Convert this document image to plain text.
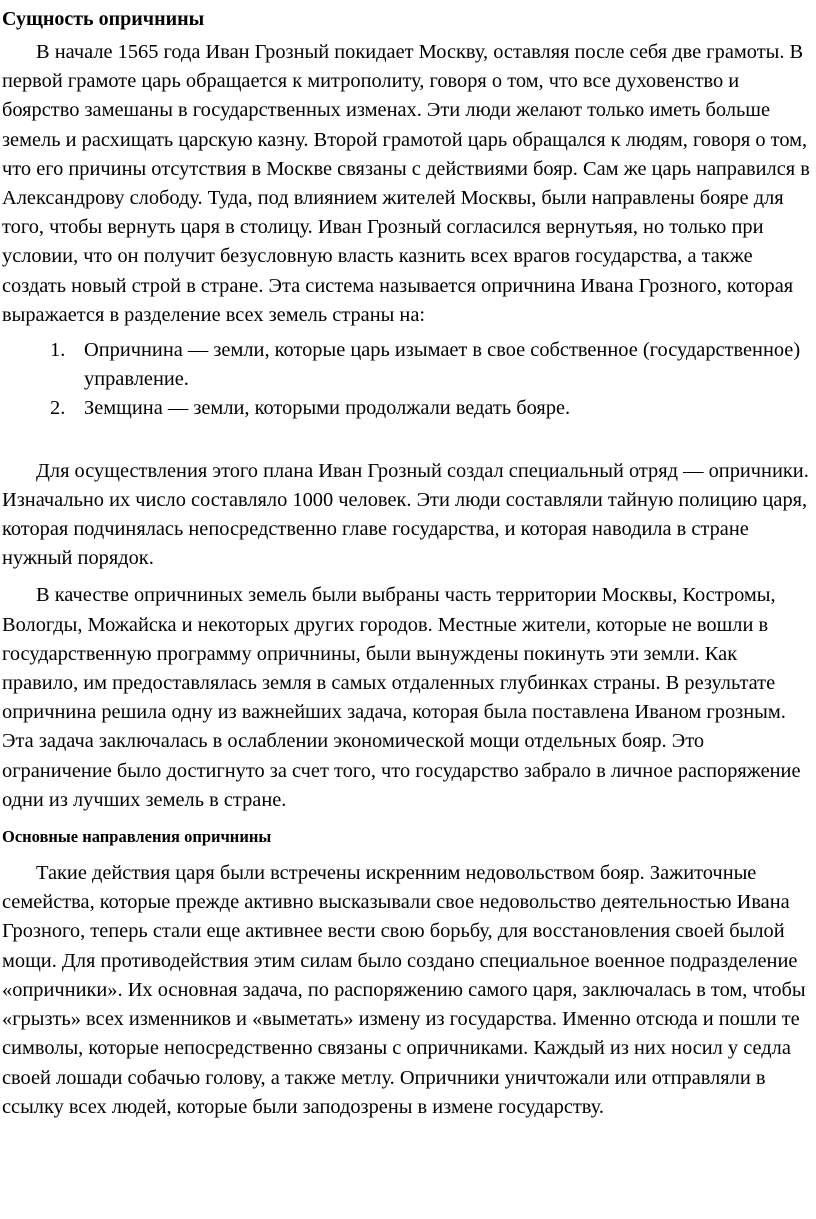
Сущность опричнины

В начале 1565 года Иван Грозный покидает Москву, оставляя после себя две грамоты. В первой грамоте царь обращается к митрополиту, говоря о том, что все духовенство и боярство замешаны в государственных изменах. Эти люди желают только иметь больше земель и расхищать царскую казну. Второй грамотой царь обращался к людям, говоря о том, что его причины отсутствия в Москве связаны с действиями бояр. Сам же царь направился в Александрову слободу. Туда, под влиянием жителей Москвы, были направлены бояре для того, чтобы вернуть царя в столицу. Иван Грозный согласился вернутьяя, но только при условии, что он получит безусловную власть казнить всех врагов государства, а также создать новый строй в стране. Эта система называется опричнина Ивана Грозного, которая выражается в разделение всех земель страны на:

1. Опричнина — земли, которые царь изымает в свое собственное (государственное) управление.
2. Земщина — земли, которыми продолжали ведать бояре.

Для осуществления этого плана Иван Грозный создал специальный отряд — опричники. Изначально их число составляло 1000 человек. Эти люди составляли тайную полицию царя, которая подчинялась непосредственно главе государства, и которая наводила в стране нужный порядок.

В качестве опричниных земель были выбраны часть территории Москвы, Костромы, Вологды, Можайска и некоторых других городов. Местные жители, которые не вошли в государственную программу опричнины, были вынуждены покинуть эти земли. Как правило, им предоставлялась земля в самых отдаленных глубинках страны. В результате опричнина решила одну из важнейших задача, которая была поставлена Иваном грозным. Эта задача заключалась в ослаблении экономической мощи отдельных бояр. Это ограничение было достигнуто за счет того, что государство забрало в личное распоряжение одни из лучших земель в стране.

Основные направления опричнины

Такие действия царя были встречены искренним недовольством бояр. Зажиточные семейства, которые прежде активно высказывали свое недовольство деятельностью Ивана Грозного, теперь стали еще активнее вести свою борьбу, для восстановления своей былой мощи. Для противодействия этим силам было создано специальное военное подразделение «опричники». Их основная задача, по распоряжению самого царя, заключалась в том, чтобы «грызть» всех изменников и «выметать» измену из государства. Именно отсюда и пошли те символы, которые непосредственно связаны с опричниками. Каждый из них носил у седла своей лошади собачью голову, а также метлу. Опричники уничтожали или отправляли в ссылку всех людей, которые были заподозрены в измене государству.
